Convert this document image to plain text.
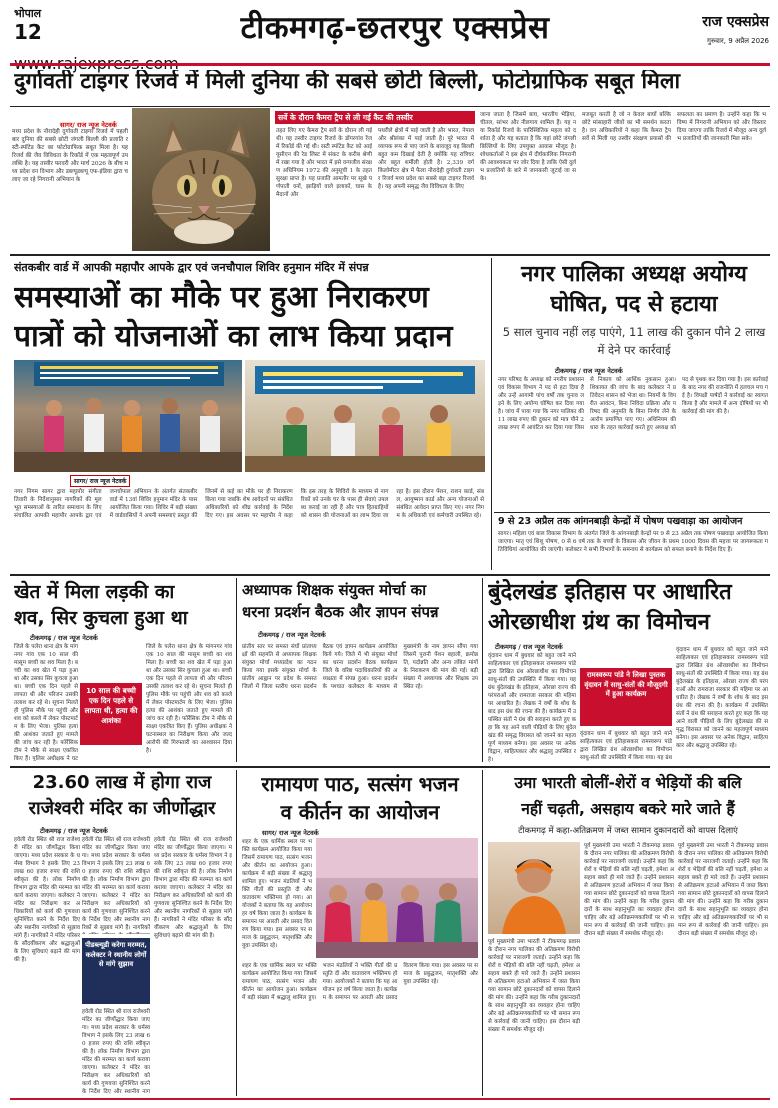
भोपाल
12	टीकमगढ़-छतरपुर एक्सप्रेस	राज एक्सप्रेस
गुरुवार, 9 अप्रैल 2026
दुर्गावती टाइगर रिजर्व में मिली दुनिया की सबसे छोटी बिल्ली, फोटोग्राफिक सबूत मिला
सागर/ राज न्यूज नेटवर्क
मध्य प्रदेश के नौरादेही दुर्गावती टाइगर रिजर्व में पहली बार दुनिया की सबसे छोटी जंगली बिल्ली की प्रजाति रस्टी-स्पॉटेड कैट का फोटोग्राफिक सबूत मिला है। यह रिजर्व की जैव विविधता के रिकॉर्ड में एक महत्वपूर्ण उपलब्धि है। यह तस्वीर फरवरी और मार्च 2026 के बीच मध्य प्रदेश वन विभाग और डब्ल्यूडब्ल्यू एफ-इंडिया द्वारा चलाए जा रहे निगरानी अभियान के
सर्वे के दौरान कैमरा ट्रैप से ली गई कैट की तस्वीर
तहत लिए गए कैमरा ट्रैप सर्वे के दौरान ली गई थी। यह तस्वीर टाइगर रिजर्व के डोंगरगांव रेंज में रिकॉर्ड की गई थी। रस्टी स्पॉटेड कैट को आईयूसीएन की रेड लिस्ट में संकट के करीब श्रेणी में रखा गया है और भारत में इसे वन्यजीव संरक्षण अधिनियम 1972 की अनुसूची 1 के तहत सुरक्षा प्राप्त है। यह प्रजाति आमतौर पर सूखे पर्णपाती वनों, झाड़ियों वाले इलाकों, घास के मैदानों और
पथरीले क्षेत्रों में पाई जाती है और भारत, नेपाल और श्रीलंका में पाई जाती है। पूरे भारत में व्यापक रूप से पाए जाने के बावजूद यह बिल्ली बहुत कम दिखाई देती है क्योंकि यह रात्रिचर और बहुत शर्मीली होती है। 2,339 वर्ग किलोमीटर क्षेत्र में फैला नौरादेही दुर्गावती टाइगर रिजर्व मध्य प्रदेश का सबसे बड़ा टाइगर रिजर्व है। यह अपनी समृद्ध जैव विविधता के लिए
जाना जाता है जिसमें बाघ, भारतीय भेड़िया, चीतल, सांभर और नीलगाय शामिल हैं। यह नया रिकॉर्ड रिजर्व के पारिस्थितिक महत्व को दर्शाता है और यह बताता है कि यहां छोटे जंगली बिल्लियों के लिए उपयुक्त आवास मौजूद है। शोधकर्ताओं ने इस क्षेत्र में दीर्घकालिक निगरानी की आवश्यकता पर जोर दिया है ताकि ऐसी दुर्लभ प्रजातियों के बारे में जानकारी जुटाई जा सके।
मजबूत करती है जो न केवल बाघों बल्कि छोटे मांसाहारी जीवों का भी समर्थन करता है। वन अधिकारियों ने कहा कि कैमरा ट्रैप सर्वे से मिली यह तस्वीर संरक्षण प्रयासों की सफलता का प्रमाण है। उन्होंने कहा कि भविष्य में निगरानी अभियान को और विस्तार दिया जाएगा ताकि रिजर्व में मौजूद अन्य दुर्लभ प्रजातियों की जानकारी मिल सके।
संतकबीर वार्ड में आपकी महापौर आपके द्वार एवं जनचौपाल शिविर हनुमान मंदिर में संपन्न
समस्याओं का मौके पर हुआ निराकरण
पात्रों को योजनाओं का लाभ किया प्रदान
सागर/ राज न्यूज नेटवर्क
नगर निगम सागर द्वारा महापौर संगीता तिवारी के निर्देशानुसार नागरिकों की मूलभूत समस्याओं के त्वरित समाधान के लिए संचालित आपकी महापौर आपके द्वार एवं जनचौपाल अभियान के अंतर्गत संतकबीर वार्ड में 13वां शिविर हनुमान मंदिर के पास आयोजित किया गया। शिविर में बड़ी संख्या में वार्डवासियों ने अपनी समस्याएं प्रस्तुत कीं जिनमें से कई का मौके पर ही निराकरण किया गया जबकि शेष आवेदनों पर संबंधित अधिकारियों को शीघ्र कार्रवाई के निर्देश दिए गए। इस अवसर पर महापौर ने कहा कि इस तरह के शिविरों के माध्यम से नागरिकों को उनके घर के पास ही सेवाएं उपलब्ध कराई जा रही हैं और पात्र हितग्राहियों को शासन की योजनाओं का लाभ दिया जा रहा है। इस दौरान पेंशन, राशन कार्ड, संबल, आयुष्मान कार्ड और अन्य योजनाओं से संबंधित आवेदन प्राप्त किए गए। नगर निगम के अधिकारी एवं कर्मचारी उपस्थित रहे।
नगर पालिका अध्यक्ष अयोग्य
घोषित, पद से हटाया
5 साल चुनाव नहीं लड़ पाएंगे, 11 लाख की दुकान पौने 2 लाख में देने पर कार्रवाई
टीकमगढ़ / राज न्यूज नेटवर्क
नगर परिषद के अध्यक्ष को नगरीय प्रशासन एवं विकास विभाग ने पद से हटा दिया है और उन्हें आगामी पांच वर्षों तक चुनाव लड़ने के लिए अयोग्य घोषित कर दिया गया है। जांच में पाया गया कि नगर पालिका की 11 लाख रुपए की दुकान को मात्र पौने 2 लाख रुपए में आवंटित कर दिया गया जिससे निकाय को आर्थिक नुकसान हुआ। शिकायत की जांच के बाद कलेक्टर ने प्रतिवेदन शासन को भेजा था। नियमों के विपरीत आवंटन, बिना निविदा प्रक्रिया और परिषद की अनुमति के बिना निर्णय लेने के आरोप प्रमाणित पाए गए। अधिनियम की धारा के तहत कार्रवाई करते हुए अध्यक्ष को पद से पृथक कर दिया गया है। इस कार्रवाई के बाद नगर की राजनीति में हलचल मच गई है। विपक्षी पार्षदों ने कार्रवाई का स्वागत किया है और मामले में अन्य दोषियों पर भी कार्रवाई की मांग की है।
9 से 23 अप्रैल तक आंगनबाड़ी केन्द्रों में पोषण पखवाड़ा का आयोजन
सागर। महिला एवं बाल विकास विभाग के अंतर्गत जिले के आंगनबाड़ी केन्द्रों पर 9 से 23 अप्रैल तक पोषण पखवाड़ा आयोजित किया जाएगा। मातृ एवं शिशु पोषण, 0 से 6 वर्ष तक के बच्चों के विकास और जीवन के प्रथम 1000 दिवस की महत्ता पर जागरूकता गतिविधियां आयोजित की जाएंगी। कलेक्टर ने सभी विभागों के समन्वय से कार्यक्रम को सफल बनाने के निर्देश दिए हैं।
खेत में मिला लड़की का
शव, सिर कुचला हुआ था
टीकमगढ़ / राज न्यूज नेटवर्क
जिले के पलेरा थाना क्षेत्र के मांगनगर गांव एक 10 साल की मासूम बच्ची का शव मिला है। बच्ची का शव खेत में पड़ा हुआ था और उसका सिर कुचला हुआ था। बच्ची एक दिन पहले से लापता थी और परिजन उसकी तलाश कर रहे थे। सूचना मिलते ही पुलिस मौके पर पहुंची और शव को कब्जे में लेकर पोस्टमार्टम के लिए भेजा। पुलिस हत्या की आशंका जताते हुए मामले की जांच कर रही है। फोरेंसिक टीम ने मौके से साक्ष्य एकत्रित किए हैं। पुलिस अधीक्षक ने घट
10 साल की बच्ची एक दिन पहले से लापता थी, हत्या की आशंका
जिले के पलेरा थाना क्षेत्र के मांगनगर गांव एक 10 साल की मासूम बच्ची का शव मिला है। बच्ची का शव खेत में पड़ा हुआ था और उसका सिर कुचला हुआ था। बच्ची एक दिन पहले से लापता थी और परिजन उसकी तलाश कर रहे थे। सूचना मिलते ही पुलिस मौके पर पहुंची और शव को कब्जे में लेकर पोस्टमार्टम के लिए भेजा। पुलिस हत्या की आशंका जताते हुए मामले की जांच कर रही है। फोरेंसिक टीम ने मौके से साक्ष्य एकत्रित किए हैं। पुलिस अधीक्षक ने घटनास्थल का निरीक्षण किया और जल्द आरोपी की गिरफ्तारी का आश्वासन दिया है।
अध्यापक शिक्षक संयुक्त मोर्चा का
धरना प्रदर्शन बैठक और ज्ञापन संपन्न
टीकमगढ़ / राज न्यूज नेटवर्क
प्रांतीय स्तर पर समस्त संघों प्रांताध्यक्षों की सहमति से अध्यापक शिक्षक संयुक्त मोर्चा मध्यप्रदेश का गठन किया गया इसके संयुक्त मोर्चा के प्रांतीय आह्वान पर प्रदेश के समस्त जिलों में जिला स्तरीय धरना प्रदर्शन बैठक एवं ज्ञापन कार्यक्रम आयोजित किये गये। जिले में भी संयुक्त मोर्चा का धरना प्रदर्शन बैठक कार्यक्रम जिले के वरिष्ठ पदाधिकारियों की अध्यक्षता में संपन्न हुआ। धरना प्रदर्शन के पश्चात कलेक्टर के माध्यम से मुख्यमंत्री के नाम ज्ञापन सौंपा गया जिसमें पुरानी पेंशन बहाली, क्रमोन्नति, पदोन्नति और अन्य लंबित मांगों के निराकरण की मांग की गई। बड़ी संख्या में अध्यापक और शिक्षक उपस्थित रहे।
बुंदेलखंड इतिहास पर आधारित
ओरछाधीश ग्रंथ का विमोचन
टीकमगढ़ / राज न्यूज नेटवर्क
वृंदावन धाम में बुधवार को बहुत जाने माने साहित्यकार एवं इतिहासकार रामस्वरूप पांडे द्वारा लिखित ग्रंथ ओरछाधीश का विमोचन साधु-संतों की उपस्थिति में किया गया। यह ग्रंथ बुंदेलखंड के इतिहास, ओरछा राज्य की परंपराओं और रामराजा सरकार की महिमा पर आधारित है। लेखक ने वर्षों के शोध के बाद इस ग्रंथ की रचना की है। कार्यक्रम में उपस्थित संतों ने ग्रंथ की सराहना करते हुए कहा कि यह आने वाली पीढ़ियों के लिए बुंदेलखंड की समृद्ध विरासत को जानने का महत्वपूर्ण माध्यम बनेगा। इस अवसर पर अनेक विद्वान, साहित्यकार और श्रद्धालु उपस्थित रहे।
रामस्वरूप पांडे ने लिखा पुस्तक वृंदावन में साधु-संतों की मौजूदगी में हुआ कार्यक्रम
वृंदावन धाम में बुधवार को बहुत जाने माने साहित्यकार एवं इतिहासकार रामस्वरूप पांडे द्वारा लिखित ग्रंथ ओरछाधीश का विमोचन साधु-संतों की उपस्थिति में किया गया। यह ग्रंथ
वृंदावन धाम में बुधवार को बहुत जाने माने साहित्यकार एवं इतिहासकार रामस्वरूप पांडे द्वारा लिखित ग्रंथ ओरछाधीश का विमोचन साधु-संतों की उपस्थिति में किया गया। यह ग्रंथ बुंदेलखंड के इतिहास, ओरछा राज्य की परंपराओं और रामराजा सरकार की महिमा पर आधारित है। लेखक ने वर्षों के शोध के बाद इस ग्रंथ की रचना की है। कार्यक्रम में उपस्थित संतों ने ग्रंथ की सराहना करते हुए कहा कि यह आने वाली पीढ़ियों के लिए बुंदेलखंड की समृद्ध विरासत को जानने का महत्वपूर्ण माध्यम बनेगा। इस अवसर पर अनेक विद्वान, साहित्यकार और श्रद्धालु उपस्थित रहे।
23.60 लाख में होगा राज
राजेश्वरी मंदिर का जीर्णोद्धार
टीकमगढ़ / राज न्यूज नेटवर्क
हवेली रोड स्थित श्री राज राजेश्वरी मंदिर का जीर्णोद्धार किया जाएगा। मध्य प्रदेश सरकार के धर्मस्व विभाग ने इसके लिए 23 लाख 60 हजार रुपए की राशि स्वीकृत की है। लोक निर्माण विभाग द्वारा मंदिर की मरम्मत का कार्य कराया जाएगा। कलेक्टर ने मंदिर का निरीक्षण कर अधिकारियों को कार्य की गुणवत्ता सुनिश्चित करने के निर्देश दिए और स्थानीय नागरिकों से सुझाव मांगे हैं। नागरिकों ने मंदिर परिसर के सौंदर्यीकरण और श्रद्धालुओं के लिए सुविधाएं बढ़ाने की मांग की है।
पीडब्ल्यूडी करेगा मरम्मत, कलेक्टर ने स्थानीय लोगों से मांगे सुझाव
हवेली रोड स्थित श्री राज राजेश्वरी मंदिर का जीर्णोद्धार किया जाएगा। मध्य प्रदेश सरकार के धर्मस्व विभाग ने इसके लिए 23 लाख 60 हजार रुपए की राशि स्वीकृत की है। लोक निर्माण विभाग द्वारा मंदिर की मरम्मत का कार्य कराया जाएगा। कलेक्टर ने मंदिर का निरीक्षण कर अधिकारियों को कार्य की गुणवत्ता सुनिश्चित करने के निर्देश दिए और स्थानीय नागरिकों से सुझाव मांगे हैं। नागरिकों
हवेली रोड स्थित श्री राज राजेश्वरी मंदिर का जीर्णोद्धार किया जाएगा। मध्य प्रदेश सरकार के धर्मस्व विभाग ने इसके लिए 23 लाख 60 हजार रुपए की राशि स्वीकृत की है। लोक निर्माण विभाग द्वारा मंदिर की मरम्मत का कार्य कराया जाएगा। कलेक्टर ने मंदिर का निरीक्षण कर अधिकारियों को कार्य की गुणवत्ता सुनिश्चित करने के निर्देश दिए और स्थानीय नाग
हवेली रोड स्थित श्री राज राजेश्वरी मंदिर का जीर्णोद्धार किया जाएगा। मध्य प्रदेश सरकार के धर्मस्व विभाग ने इसके लिए 23 लाख 60 हजार रुपए की राशि स्वीकृत की है। लोक निर्माण विभाग द्वारा मंदिर की मरम्मत का कार्य कराया जाएगा। कलेक्टर ने मंदिर का निरीक्षण कर अधिकारियों को कार्य की गुणवत्ता सुनिश्चित करने के निर्देश दिए और स्थानीय नागरिकों से सुझाव मांगे हैं। नागरिकों ने मंदिर परिसर के सौंदर्यीकरण और श्रद्धालुओं के लिए सुविधाएं बढ़ाने की मांग की है।
रामायण पाठ, सत्संग भजन
व कीर्तन का आयोजन
सागर/ राज न्यूज नेटवर्क
शहर के एक धार्मिक स्थल पर भक्ति कार्यक्रम आयोजित किया गया जिसमें रामायण पाठ, सत्संग भजन और कीर्तन का आयोजन हुआ। कार्यक्रम में बड़ी संख्या में श्रद्धालु शामिल हुए। भजन मंडलियों ने भक्ति गीतों की प्रस्तुति दी और वातावरण भक्तिमय हो गया। आयोजकों ने बताया कि यह आयोजन हर वर्ष किया जाता है। कार्यक्रम के समापन पर आरती और प्रसाद वितरण किया गया। इस अवसर पर समाज के प्रबुद्धजन, मातृशक्ति और युवा उपस्थित रहे।
शहर के एक धार्मिक स्थल पर भक्ति कार्यक्रम आयोजित किया गया जिसमें रामायण पाठ, सत्संग भजन और कीर्तन का आयोजन हुआ। कार्यक्रम में बड़ी संख्या में श्रद्धालु शामिल हुए। भजन मंडलियों ने भक्ति गीतों की प्रस्तुति दी और वातावरण भक्तिमय हो गया। आयोजकों ने बताया कि यह आयोजन हर वर्ष किया जाता है। कार्यक्रम के समापन पर आरती और प्रसाद वितरण किया गया। इस अवसर पर समाज के प्रबुद्धजन, मातृशक्ति और युवा उपस्थित रहे।
उमा भारती बोलीं-शेरों व भेड़ियों की बलि
नहीं चढ़ती, असहाय बकरे मारे जाते हैं
टीकमगढ़ में कहा-अतिक्रमण में जब्त सामान दुकानदारों को वापस दिलाएं
पूर्व मुख्यमंत्री उमा भारती ने टीकमगढ़ प्रवास के दौरान नगर पालिका की अतिक्रमण विरोधी कार्रवाई पर नाराजगी जताई। उन्होंने कहा कि शेरों व भेड़ियों की बलि नहीं चढ़ती, हमेशा असहाय बकरे ही मारे जाते हैं। उन्होंने प्रशासन से अतिक्रमण हटाओ अभियान में जब्त किया गया सामान छोटे दुकानदारों को वापस दिलाने की मांग की। उन्होंने कहा कि गरीब दुकानदारों के साथ सहानुभूति का व्यवहार होना चाहिए और बड़े अतिक्रमणकारियों पर भी समान रूप से कार्रवाई की जानी चाहिए। इस दौरान बड़ी संख्या में समर्थक मौजूद रहे।
पूर्व मुख्यमंत्री उमा भारती ने टीकमगढ़ प्रवास के दौरान नगर पालिका की अतिक्रमण विरोधी कार्रवाई पर नाराजगी जताई। उन्होंने कहा कि शेरों व भेड़ियों की बलि नहीं चढ़ती, हमेशा असहाय बकरे ही मारे जाते हैं। उन्होंने प्रशासन से अतिक्रमण हटाओ अभियान में जब्त किया गया सामान छोटे दुकानदारों को वापस दिलाने की मांग की। उन्होंने कहा कि गरीब दुकानदारों के साथ सहानुभूति का व्यवहार होना चाहिए और बड़े अतिक्रमणकारियों पर भी समान रूप से कार्रवाई की जानी चाहिए। इस दौरान बड़ी संख्या में समर्थक मौजूद रहे।
पूर्व मुख्यमंत्री उमा भारती ने टीकमगढ़ प्रवास के दौरान नगर पालिका की अतिक्रमण विरोधी कार्रवाई पर नाराजगी जताई। उन्होंने कहा कि शेरों व भेड़ियों की बलि नहीं चढ़ती, हमेशा असहाय बकरे ही मारे जाते हैं। उन्होंने प्रशासन से अतिक्रमण हटाओ अभियान में जब्त किया गया सामान छोटे दुकानदारों को वापस दिलाने की मांग की। उन्होंने कहा कि गरीब दुकानदारों के साथ सहानुभूति का व्यवहार होना चाहिए और बड़े अतिक्रमणकारियों पर भी समान रूप से कार्रवाई की जानी चाहिए। इस दौरान बड़ी संख्या में समर्थक मौजूद रहे।
